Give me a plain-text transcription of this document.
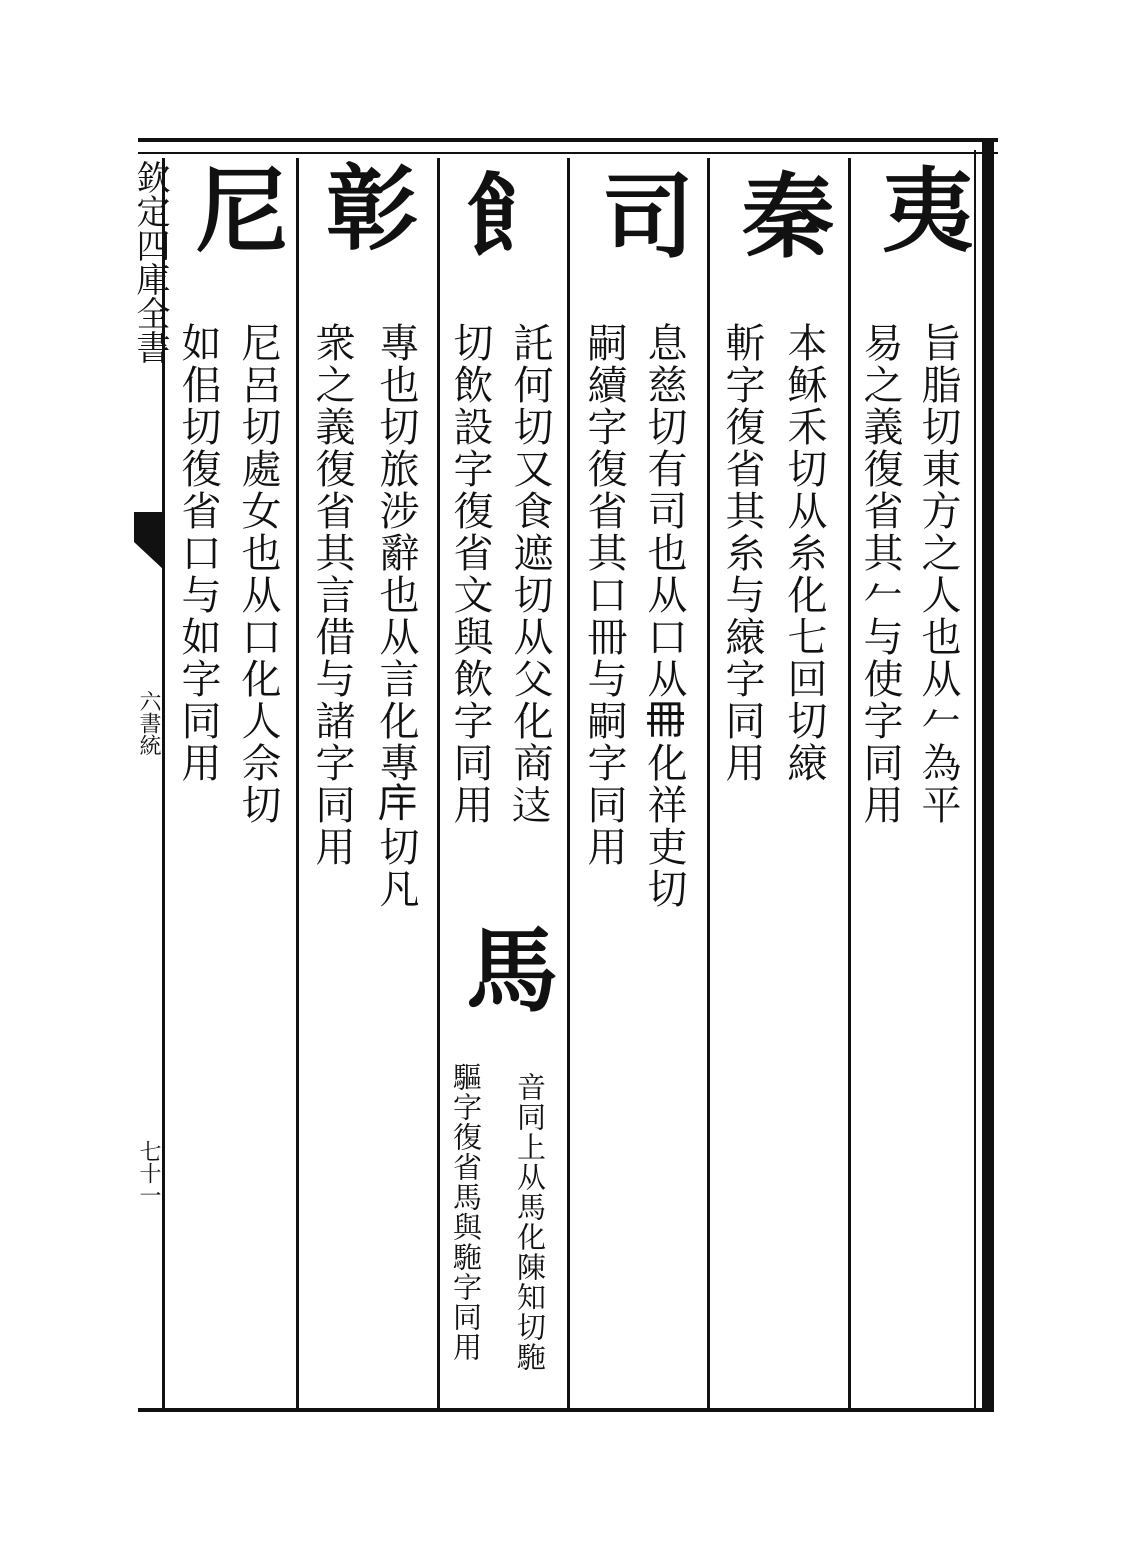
欽定四庫全書
六書統
七十一
夷
旨脂切東方之人也从𠂉為平
易之義復省其𠂉与使字同用
秦
本稣禾切从糸化七回切縗
斬字復省其糸与縗字同用
司
息慈切有司也从口从𠕋化祥吏切
嗣續字復省其口冊与嗣字同用
飠
託何切又食遮切从父化商𨑤
切飲設字復省文與飲字同用
馬
音同上从馬化陳知切駞
驅字復省馬與駞字同用
彰
專也切旅涉辭也从言化專𢇛切凡
衆之義復省其言借与諸字同用
尼
尼呂切處女也从口化人佘切
如佀切復省口与如字同用
